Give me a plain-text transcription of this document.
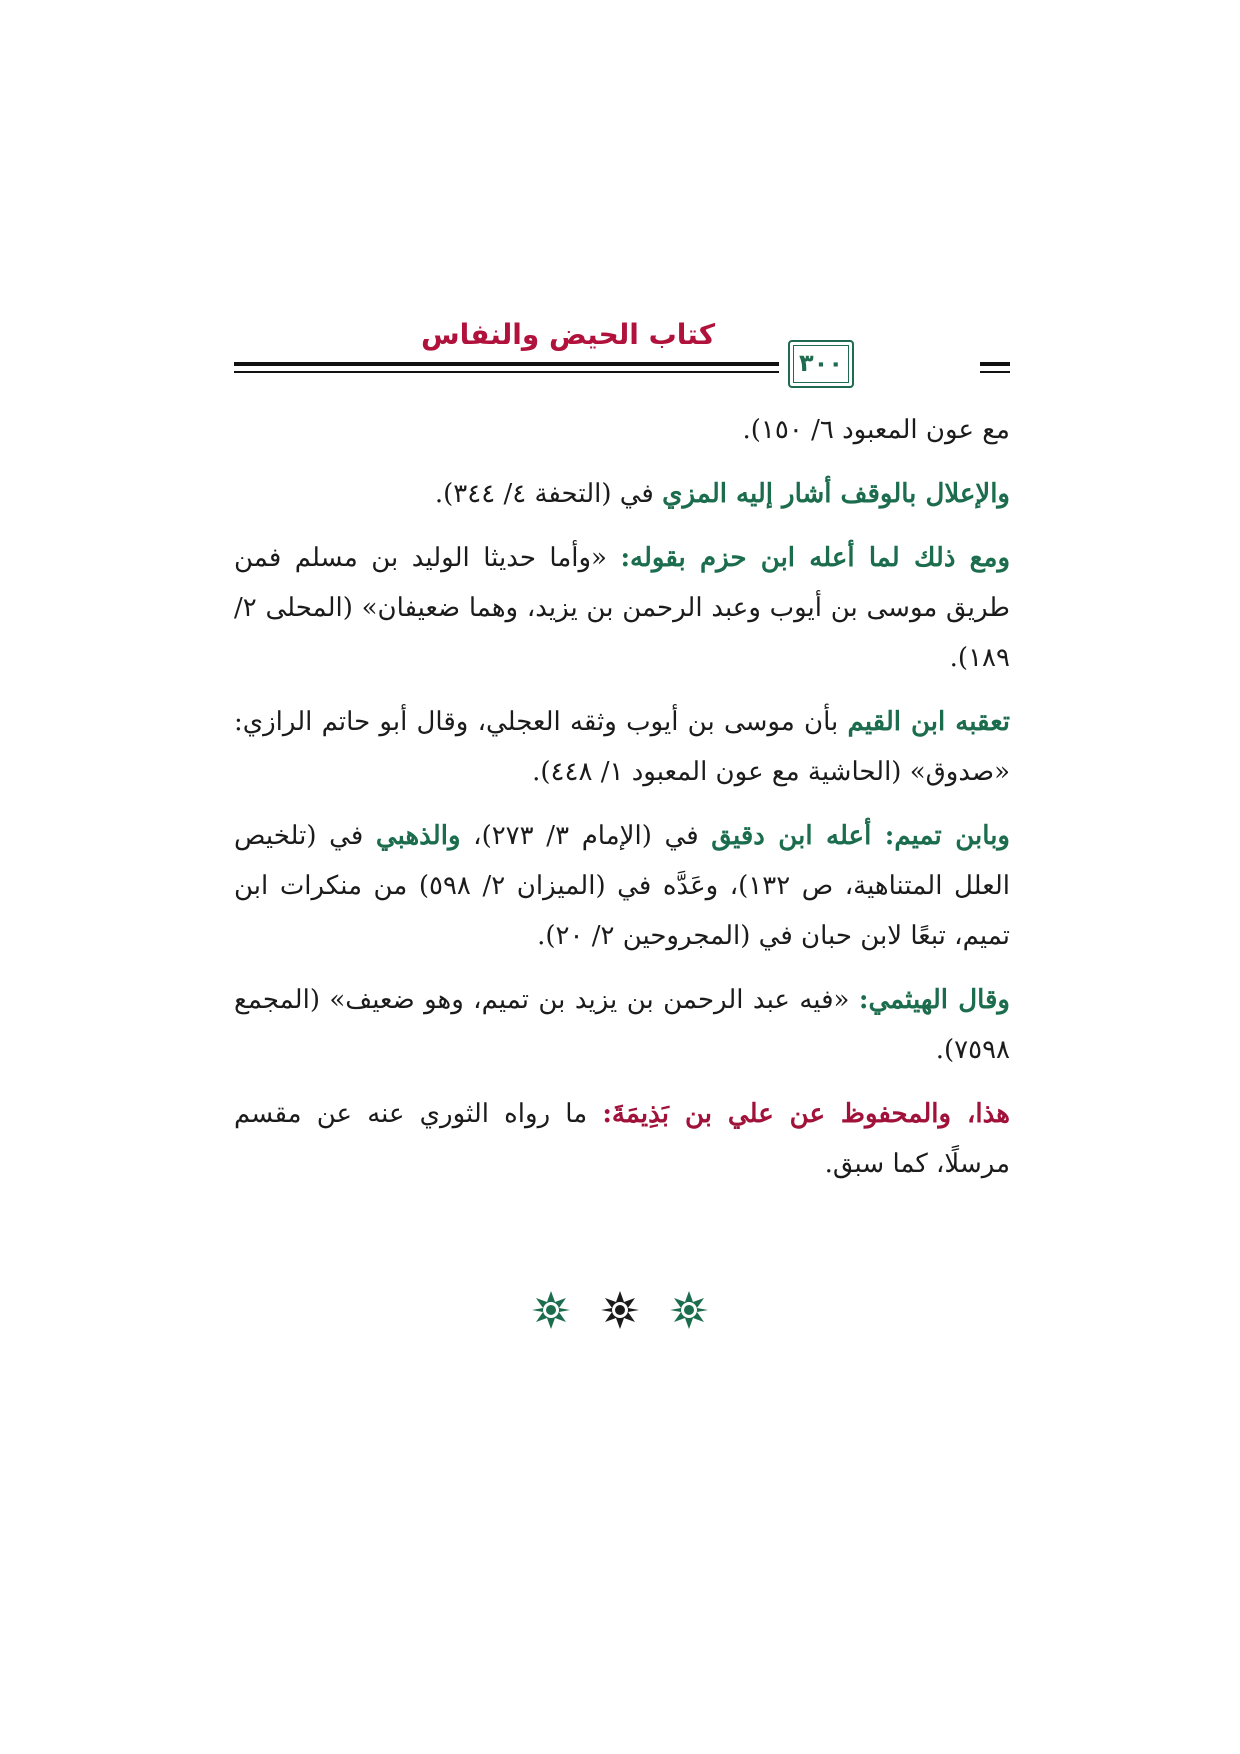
كتاب الحيض والنفاس
٣٠٠

مع عون المعبود ٦/ ١٥٠).

والإعلال بالوقف أشار إليه المزي في (التحفة ٤/ ٣٤٤).

ومع ذلك لما أعله ابن حزم بقوله: «وأما حديثا الوليد بن مسلم فمن طريق موسى بن أيوب وعبد الرحمن بن يزيد، وهما ضعيفان» (المحلى ٢/ ١٨٩).

تعقبه ابن القيم بأن موسى بن أيوب وثقه العجلي، وقال أبو حاتم الرازي: «صدوق» (الحاشية مع عون المعبود ١/ ٤٤٨).

وبابن تميم: أعله ابن دقيق في (الإمام ٣/ ٢٧٣)، والذهبي في (تلخيص العلل المتناهية، ص ١٣٢)، وعَدَّه في (الميزان ٢/ ٥٩٨) من منكرات ابن تميم، تبعًا لابن حبان في (المجروحين ٢/ ٢٠).

وقال الهيثمي: «فيه عبد الرحمن بن يزيد بن تميم، وهو ضعيف» (المجمع ٧٥٩٨).

هذا، والمحفوظ عن علي بن بَذِيمَةَ: ما رواه الثوري عنه عن مقسم مرسلًا، كما سبق.
